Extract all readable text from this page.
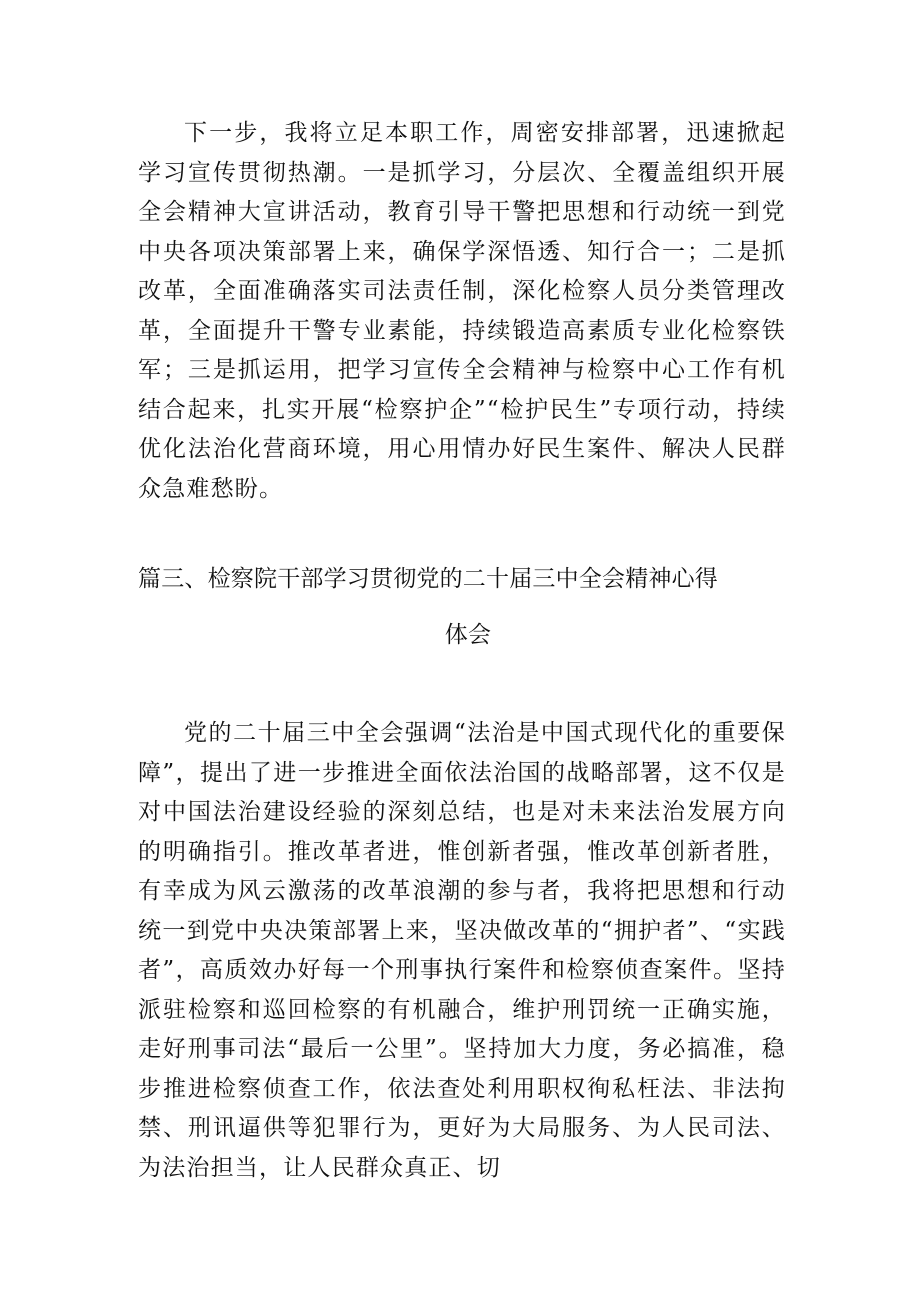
下一步，我将立足本职工作，周密安排部署，迅速掀起学习宣传贯彻热潮。一是抓学习，分层次、全覆盖组织开展全会精神大宣讲活动，教育引导干警把思想和行动统一到党中央各项决策部署上来，确保学深悟透、知行合一；二是抓改革，全面准确落实司法责任制，深化检察人员分类管理改革，全面提升干警专业素能，持续锻造高素质专业化检察铁军；三是抓运用，把学习宣传全会精神与检察中心工作有机结合起来，扎实开展“检察护企”“检护民生”专项行动，持续优化法治化营商环境，用心用情办好民生案件、解决人民群众急难愁盼。

篇三、检察院干部学习贯彻党的二十届三中全会精神心得
体会

党的二十届三中全会强调“法治是中国式现代化的重要保障”，提出了进一步推进全面依法治国的战略部署，这不仅是对中国法治建设经验的深刻总结，也是对未来法治发展方向的明确指引。推改革者进，惟创新者强，惟改革创新者胜，有幸成为风云激荡的改革浪潮的参与者，我将把思想和行动统一到党中央决策部署上来，坚决做改革的“拥护者”、“实践者”，高质效办好每一个刑事执行案件和检察侦查案件。坚持派驻检察和巡回检察的有机融合，维护刑罚统一正确实施，走好刑事司法“最后一公里”。坚持加大力度，务必搞准，稳步推进检察侦查工作，依法查处利用职权徇私枉法、非法拘禁、刑讯逼供等犯罪行为，更好为大局服务、为人民司法、为法治担当，让人民群众真正、切
